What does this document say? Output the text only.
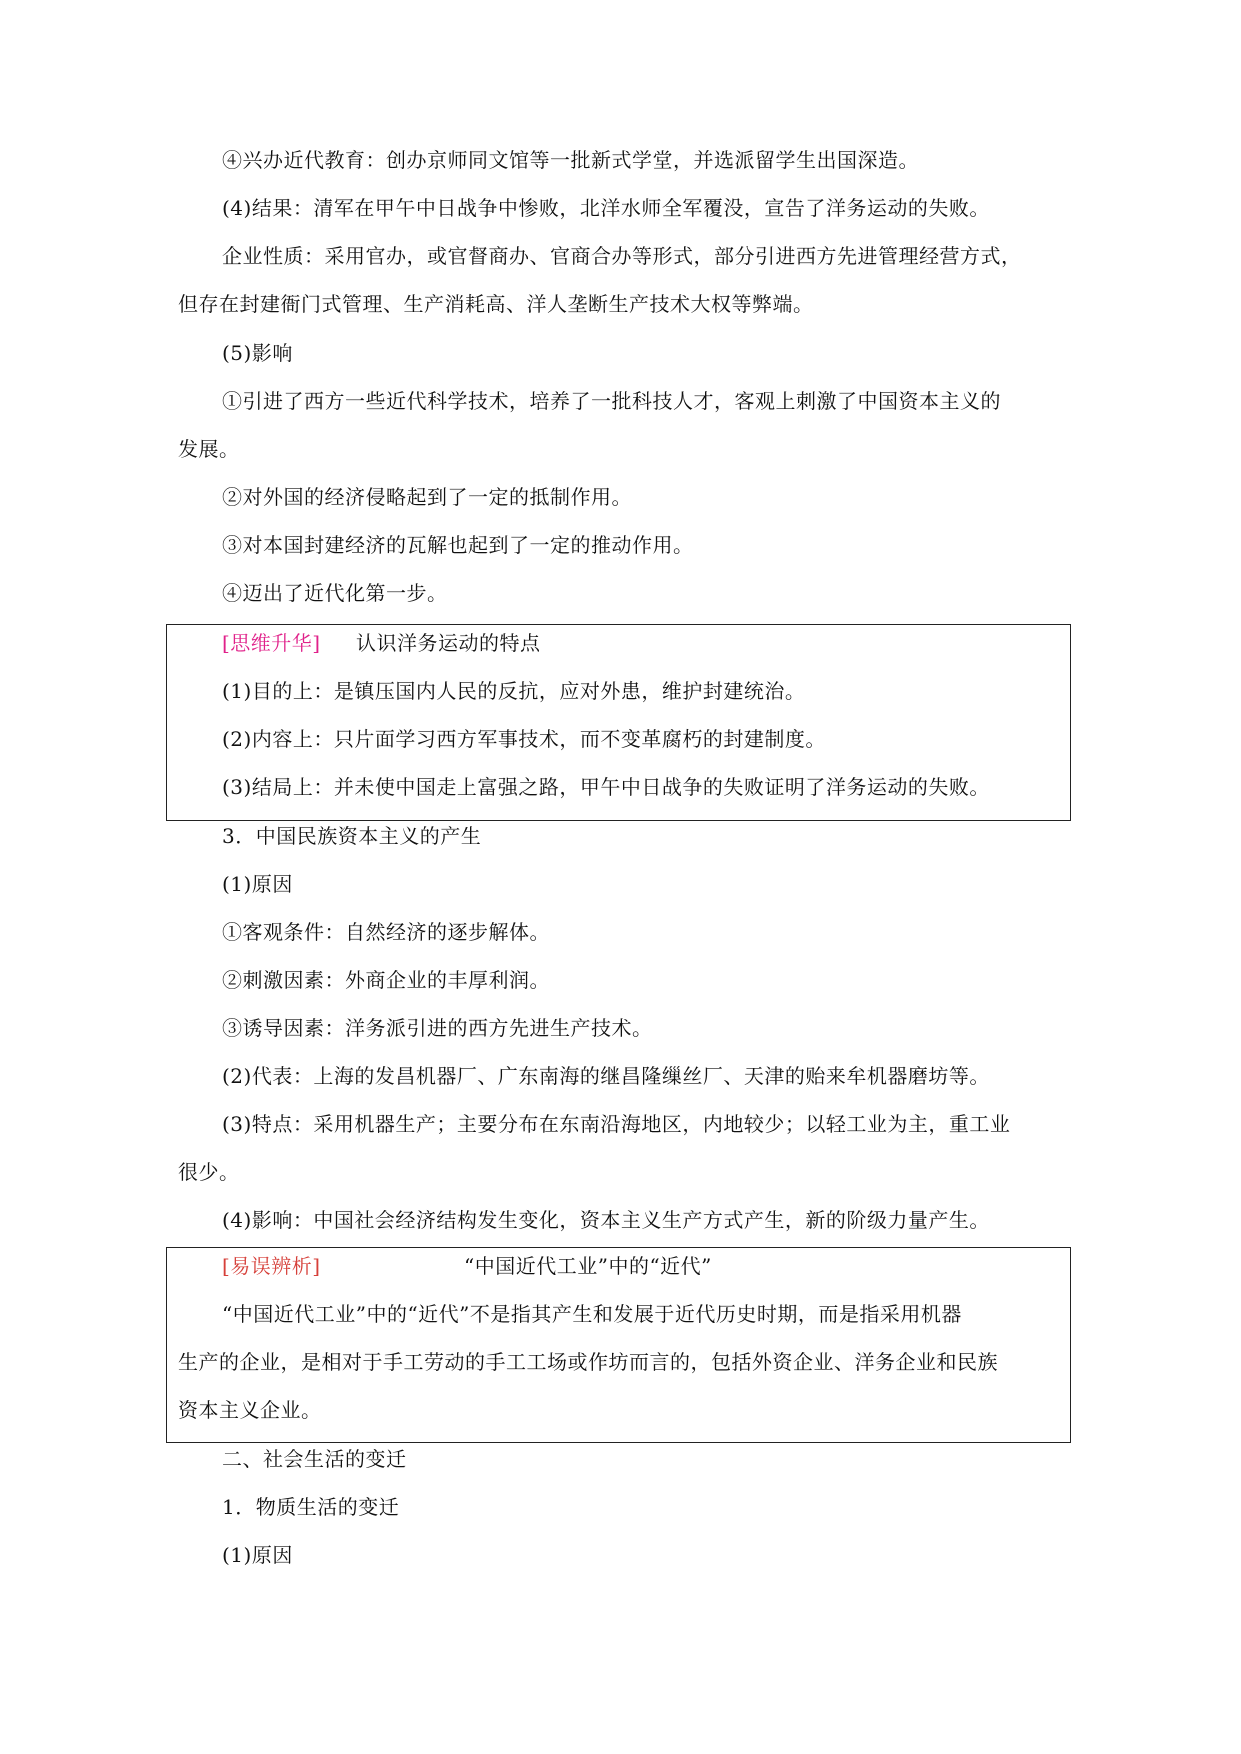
④兴办近代教育：创办京师同文馆等一批新式学堂，并选派留学生出国深造。
(4)结果：清军在甲午中日战争中惨败，北洋水师全军覆没，宣告了洋务运动的失败。
企业性质：采用官办，或官督商办、官商合办等形式，部分引进西方先进管理经营方式，
但存在封建衙门式管理、生产消耗高、洋人垄断生产技术大权等弊端。
(5)影响
①引进了西方一些近代科学技术，培养了一批科技人才，客观上刺激了中国资本主义的
发展。
②对外国的经济侵略起到了一定的抵制作用。
③对本国封建经济的瓦解也起到了一定的推动作用。
④迈出了近代化第一步。
[思维升华] 认识洋务运动的特点
(1)目的上：是镇压国内人民的反抗，应对外患，维护封建统治。
(2)内容上：只片面学习西方军事技术，而不变革腐朽的封建制度。
(3)结局上：并未使中国走上富强之路，甲午中日战争的失败证明了洋务运动的失败。
3．中国民族资本主义的产生
(1)原因
①客观条件：自然经济的逐步解体。
②刺激因素：外商企业的丰厚利润。
③诱导因素：洋务派引进的西方先进生产技术。
(2)代表：上海的发昌机器厂、广东南海的继昌隆缫丝厂、天津的贻来牟机器磨坊等。
(3)特点：采用机器生产；主要分布在东南沿海地区，内地较少；以轻工业为主，重工业
很少。
(4)影响：中国社会经济结构发生变化，资本主义生产方式产生，新的阶级力量产生。
[易误辨析]	“中国近代工业”中的“近代”
“中国近代工业”中的“近代”不是指其产生和发展于近代历史时期，而是指采用机器
生产的企业，是相对于手工劳动的手工工场或作坊而言的，包括外资企业、洋务企业和民族
资本主义企业。
二、社会生活的变迁
1．物质生活的变迁
(1)原因
